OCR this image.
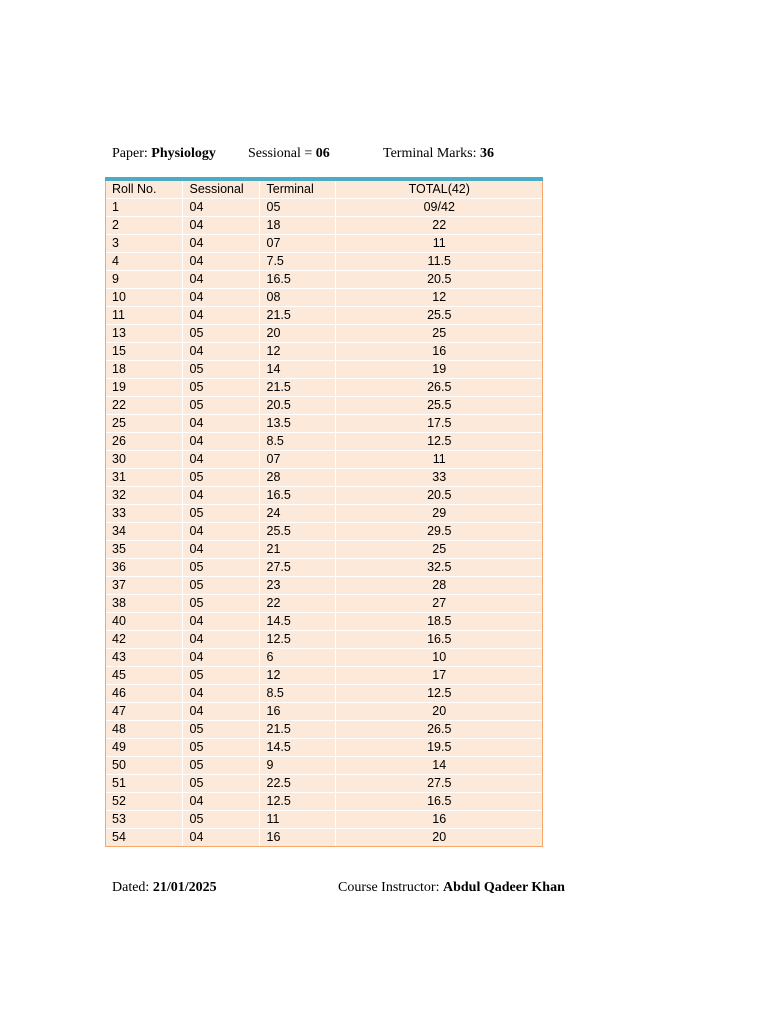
Paper: Physiology Sessional = 06	Terminal Marks: 36
Roll No.	Sessional	Terminal	TOTAL(42)
1	04	05	09/42
2	04	18	22
3	04	07	11
4	04	7.5	11.5
9	04	16.5	20.5
10	04	08	12
11	04	21.5	25.5
13	05	20	25
15	04	12	16
18	05	14	19
19	05	21.5	26.5
22	05	20.5	25.5
25	04	13.5	17.5
26	04	8.5	12.5
30	04	07	11
31	05	28	33
32	04	16.5	20.5
33	05	24	29
34	04	25.5	29.5
35	04	21	25
36	05	27.5	32.5
37	05	23	28
38	05	22	27
40	04	14.5	18.5
42	04	12.5	16.5
43	04	6	10
45	05	12	17
46	04	8.5	12.5
47	04	16	20
48	05	21.5	26.5
49	05	14.5	19.5
50	05	9	14
51	05	22.5	27.5
52	04	12.5	16.5
53	05	11	16
54	04	16	20
Dated: 21/01/2025	Course Instructor: Abdul Qadeer Khan
